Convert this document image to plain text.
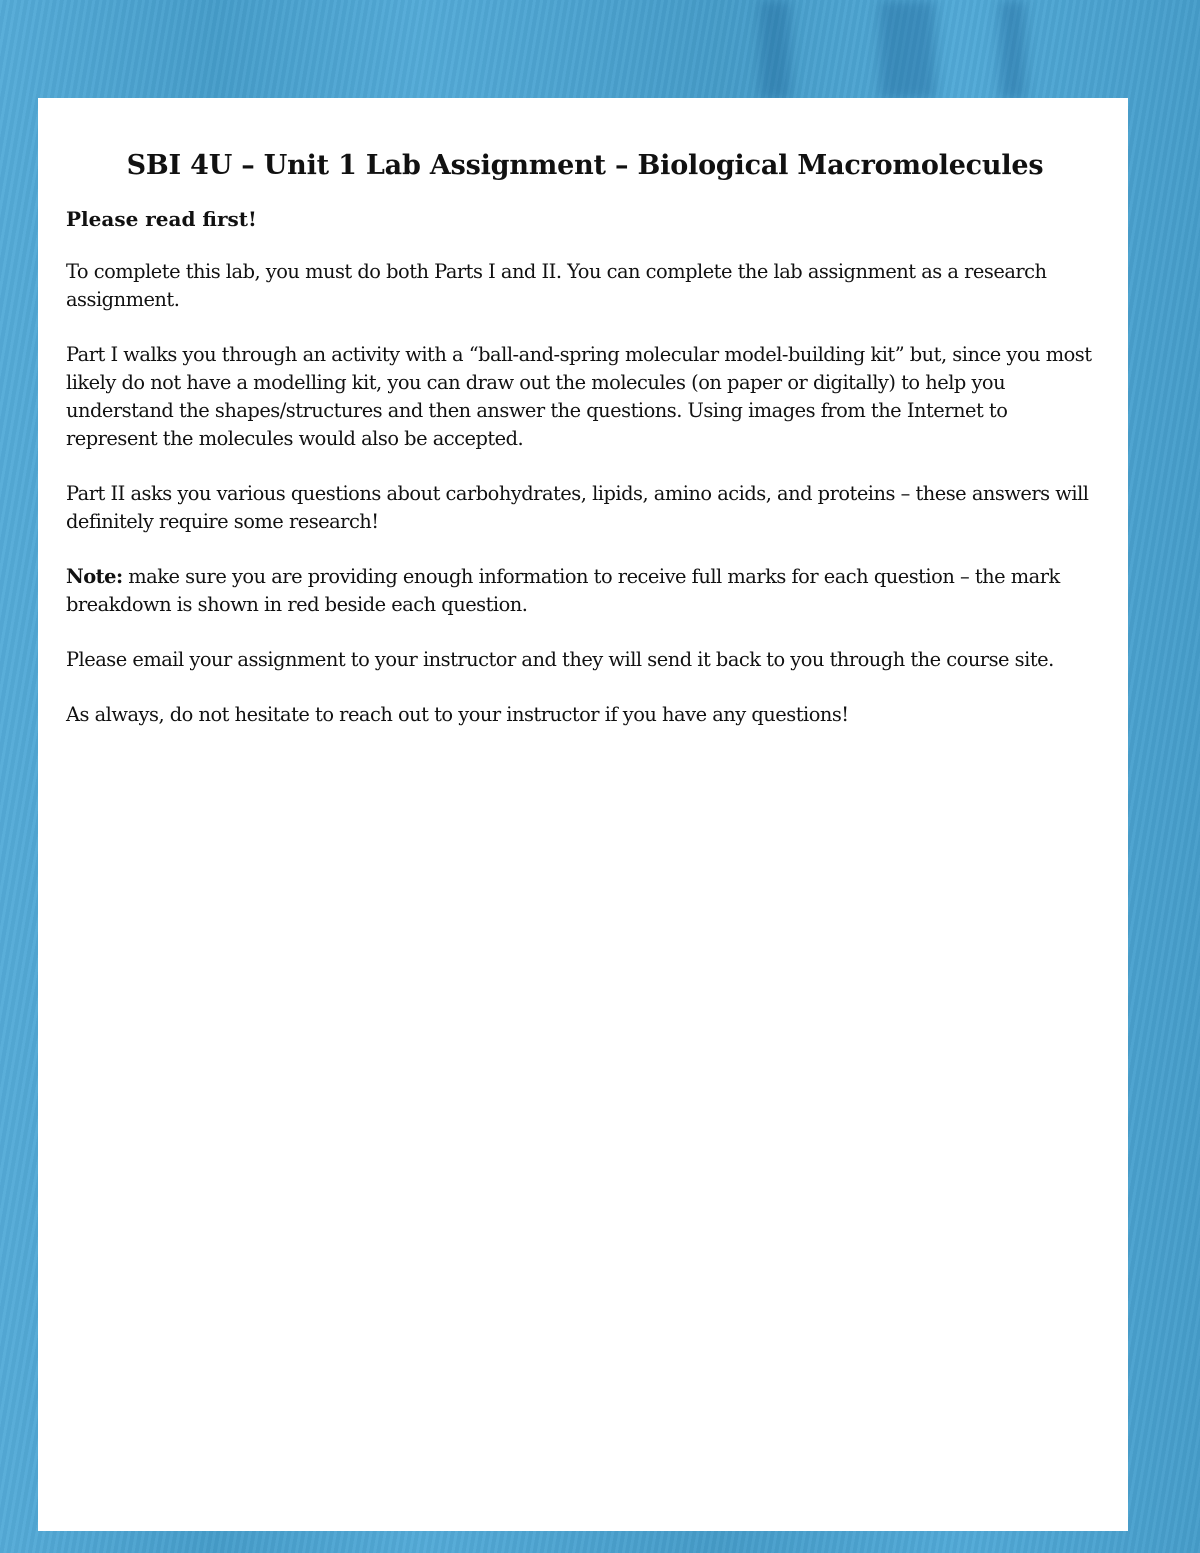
SBI 4U – Unit 1 Lab Assignment – Biological Macromolecules
Please read first!

To complete this lab, you must do both Parts I and II. You can complete the lab assignment as a research assignment.

Part I walks you through an activity with a “ball-and-spring molecular model-building kit” but, since you most likely do not have a modelling kit, you can draw out the molecules (on paper or digitally) to help you understand the shapes/structures and then answer the questions. Using images from the Internet to represent the molecules would also be accepted.

Part II asks you various questions about carbohydrates, lipids, amino acids, and proteins – these answers will definitely require some research!

Note: make sure you are providing enough information to receive full marks for each question – the mark breakdown is shown in red beside each question.

Please email your assignment to your instructor and they will send it back to you through the course site.

As always, do not hesitate to reach out to your instructor if you have any questions!
